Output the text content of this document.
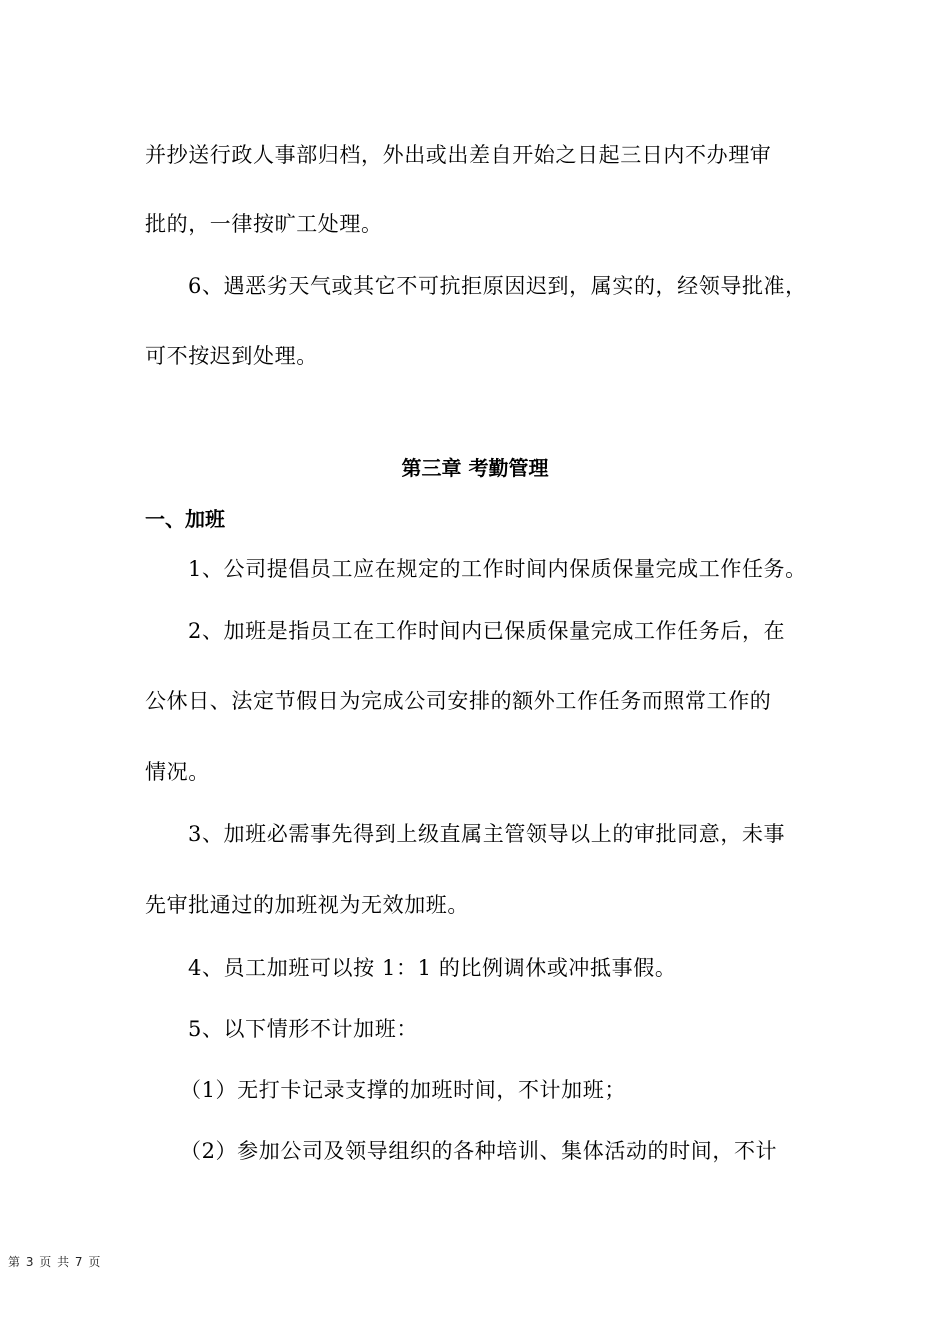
并抄送行政人事部归档，外出或出差自开始之日起三日内不办理审
批的，一律按旷工处理。
6、遇恶劣天气或其它不可抗拒原因迟到，属实的，经领导批准，
可不按迟到处理。
第三章 考勤管理
一、加班
1、公司提倡员工应在规定的工作时间内保质保量完成工作任务。
2、加班是指员工在工作时间内已保质保量完成工作任务后，在
公休日、法定节假日为完成公司安排的额外工作任务而照常工作的
情况。
3、加班必需事先得到上级直属主管领导以上的审批同意，未事
先审批通过的加班视为无效加班。
4、员工加班可以按 1：1 的比例调休或冲抵事假。
5、以下情形不计加班：
（1）无打卡记录支撑的加班时间，不计加班；
（2）参加公司及领导组织的各种培训、集体活动的时间，不计
第 3 页 共 7 页
